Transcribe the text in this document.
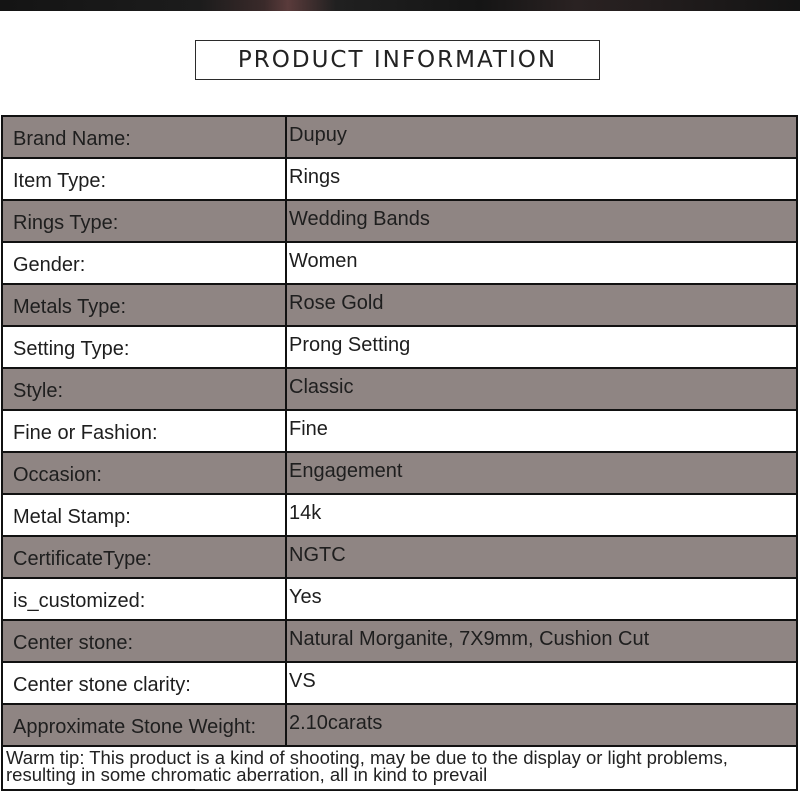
PRODUCT INFORMATION
Brand Name:	Dupuy
Item Type:	Rings
Rings Type:	Wedding Bands
Gender:	Women
Metals Type:	Rose Gold
Setting Type:	Prong Setting
Style:	Classic
Fine or Fashion:	Fine
Occasion:	Engagement
Metal Stamp:	14k
CertificateType:	NGTC
is_customized:	Yes
Center stone:	Natural Morganite, 7X9mm, Cushion Cut
Center stone clarity:	VS
Approximate Stone Weight:	2.10carats
Warm tip: This product is a kind of shooting, may be due to the display or light problems, resulting in some chromatic aberration, all in kind to prevail	
